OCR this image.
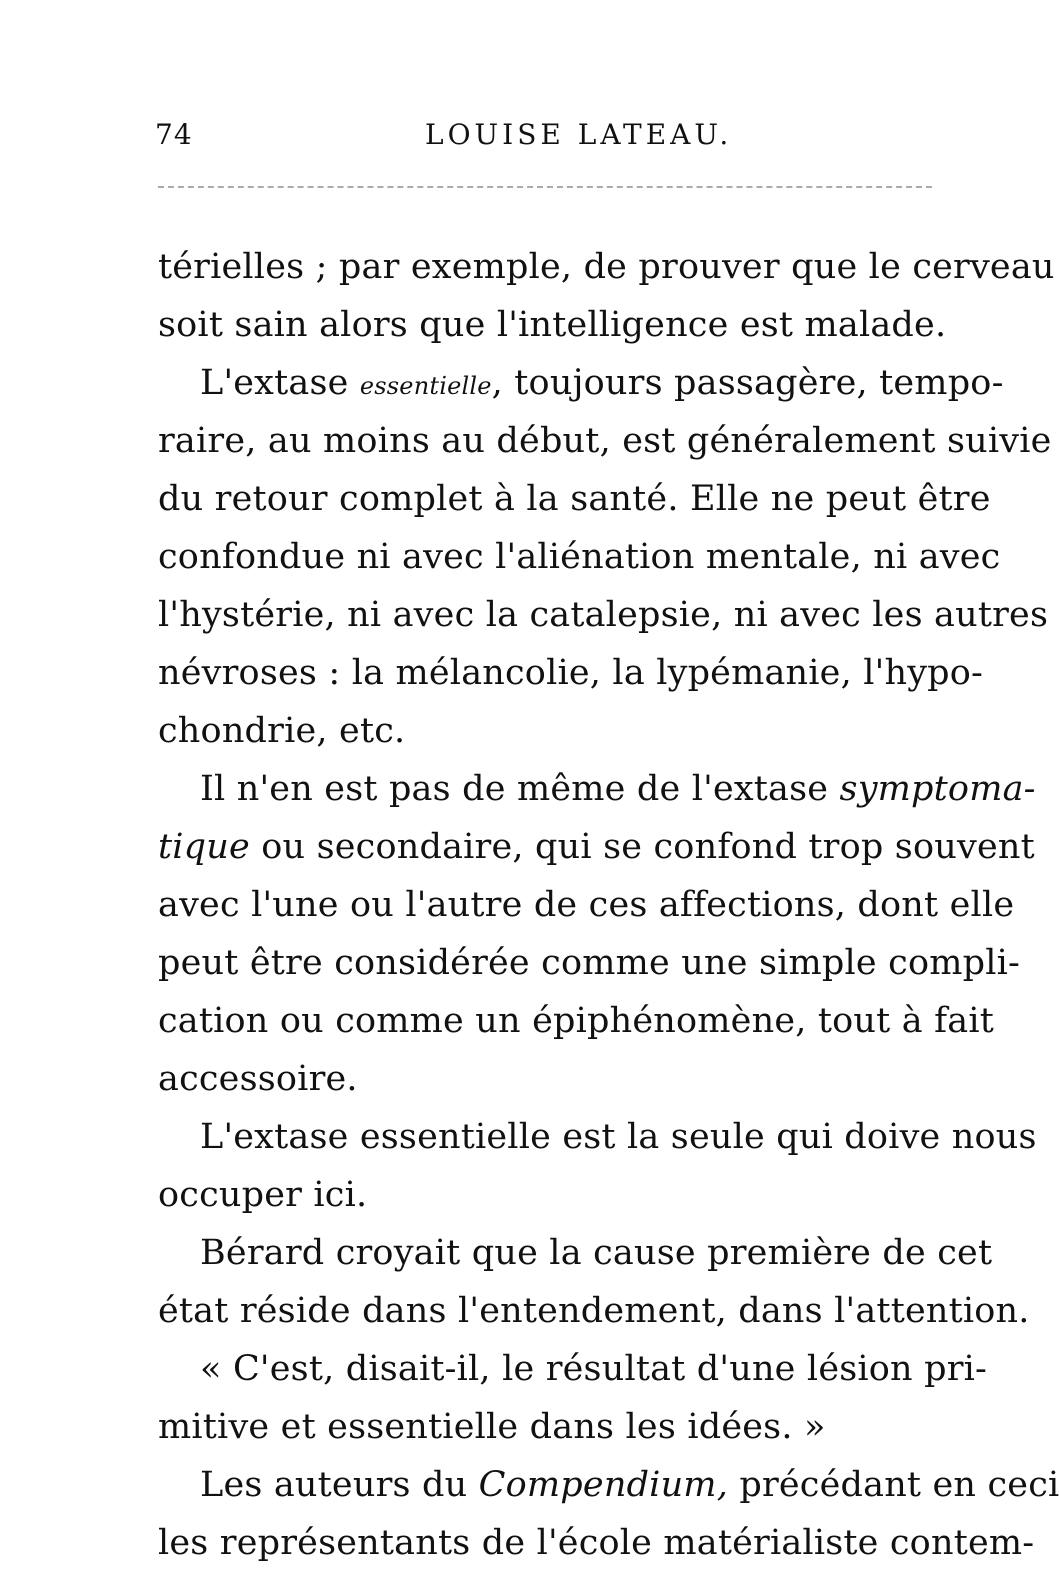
74	LOUISE LATEAU.
térielles ; par exemple, de prouver que le cerveau
soit sain alors que l'intelligence est malade.
L'extase essentielle, toujours passagère, tempo-
raire, au moins au début, est généralement suivie
du retour complet à la santé. Elle ne peut être
confondue ni avec l'aliénation mentale, ni avec
l'hystérie, ni avec la catalepsie, ni avec les autres
névroses : la mélancolie, la lypémanie, l'hypo-
chondrie, etc.
Il n'en est pas de même de l'extase symptoma-
tique ou secondaire, qui se confond trop souvent
avec l'une ou l'autre de ces affections, dont elle
peut être considérée comme une simple compli-
cation ou comme un épiphénomène, tout à fait
accessoire.
L'extase essentielle est la seule qui doive nous
occuper ici.
Bérard croyait que la cause première de cet
état réside dans l'entendement, dans l'attention.
« C'est, disait-il, le résultat d'une lésion pri-
mitive et essentielle dans les idées. »
Les auteurs du Compendium, précédant en ceci
les représentants de l'école matérialiste contem-
